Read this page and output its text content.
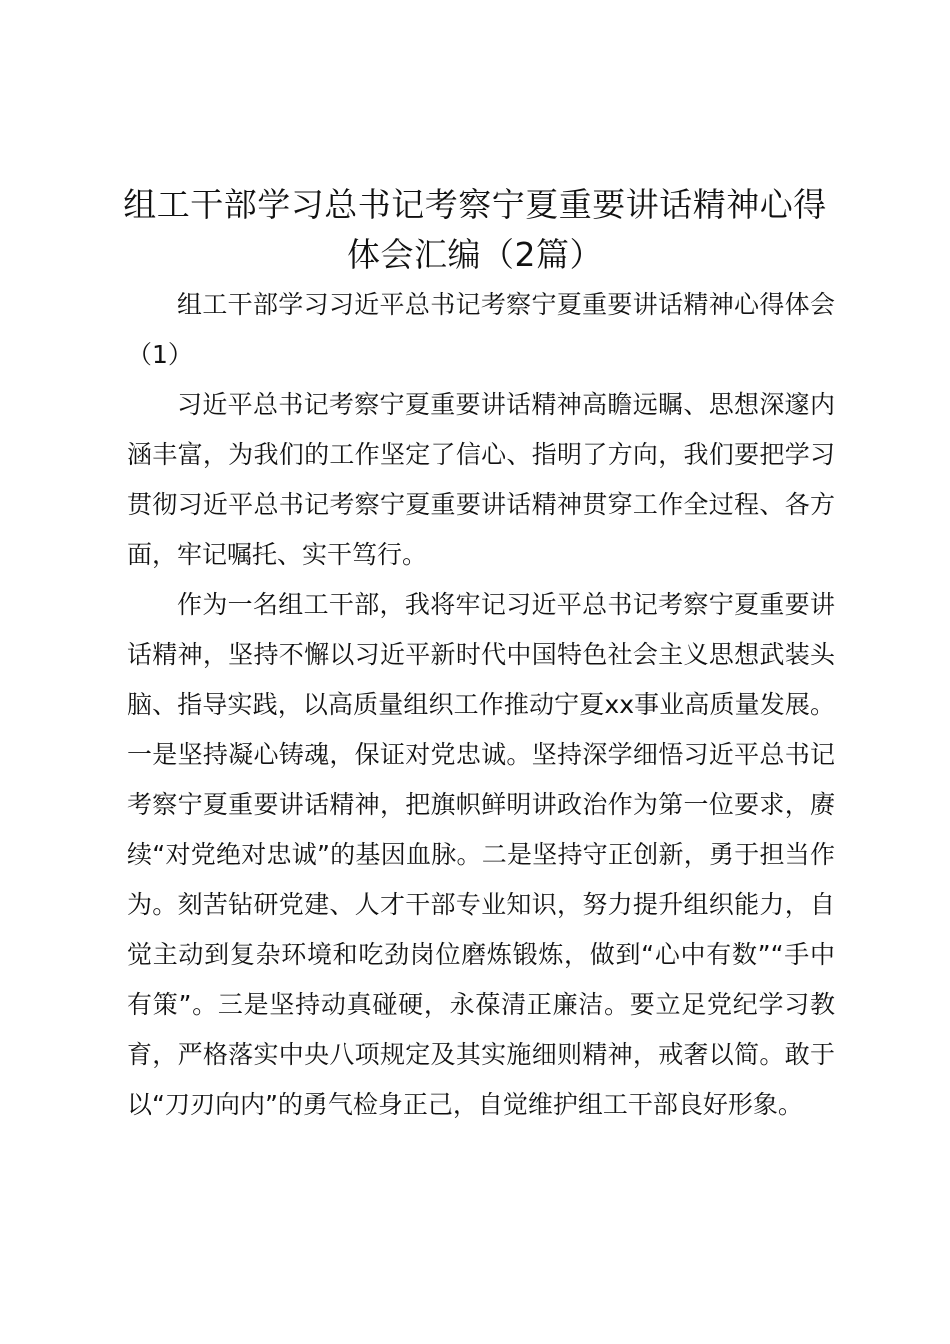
组工干部学习总书记考察宁夏重要讲话精神心得体会汇编（2篇）

组工干部学习习近平总书记考察宁夏重要讲话精神心得体会（1）

习近平总书记考察宁夏重要讲话精神高瞻远瞩、思想深邃内涵丰富，为我们的工作坚定了信心、指明了方向，我们要把学习贯彻习近平总书记考察宁夏重要讲话精神贯穿工作全过程、各方面，牢记嘱托、实干笃行。

作为一名组工干部，我将牢记习近平总书记考察宁夏重要讲话精神，坚持不懈以习近平新时代中国特色社会主义思想武装头脑、指导实践，以高质量组织工作推动宁夏xx事业高质量发展。一是坚持凝心铸魂，保证对党忠诚。坚持深学细悟习近平总书记考察宁夏重要讲话精神，把旗帜鲜明讲政治作为第一位要求，赓续“对党绝对忠诚”的基因血脉。二是坚持守正创新，勇于担当作为。刻苦钻研党建、人才干部专业知识，努力提升组织能力，自觉主动到复杂环境和吃劲岗位磨炼锻炼，做到“心中有数”“手中有策”。三是坚持动真碰硬，永葆清正廉洁。要立足党纪学习教育，严格落实中央八项规定及其实施细则精神，戒奢以简。敢于以“刀刃向内”的勇气检身正己，自觉维护组工干部良好形象。
